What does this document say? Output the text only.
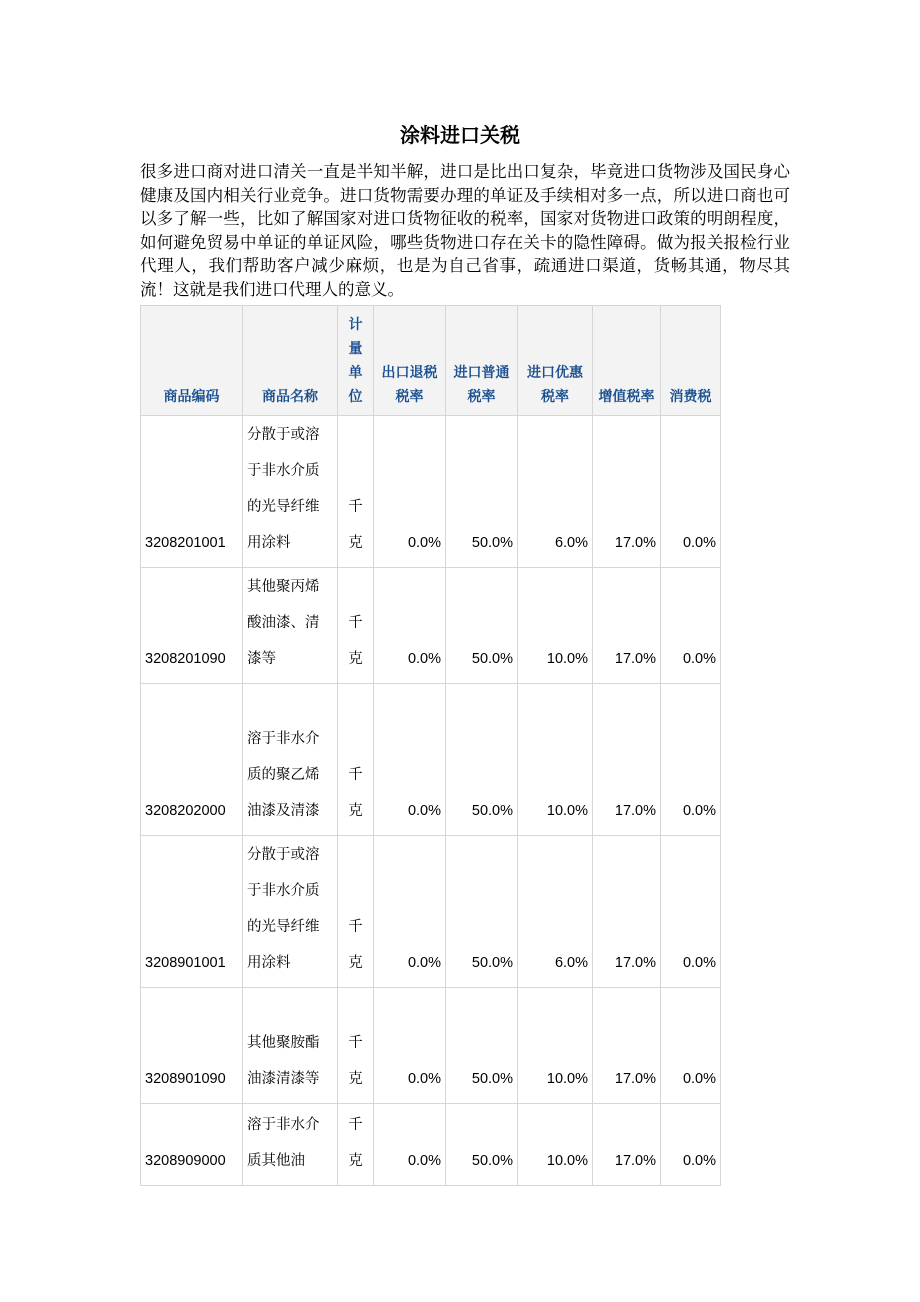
涂料进口关税

很多进口商对进口清关一直是半知半解，进口是比出口复杂，毕竟进口货物涉及国民身心健康及国内相关行业竞争。进口货物需要办理的单证及手续相对多一点，所以进口商也可以多了解一些，比如了解国家对进口货物征收的税率，国家对货物进口政策的明朗程度，如何避免贸易中单证的单证风险，哪些货物进口存在关卡的隐性障碍。做为报关报检行业代理人，我们帮助客户减少麻烦，也是为自己省事，疏通进口渠道，货畅其通，物尽其流！这就是我们进口代理人的意义。

商品编码	商品名称	计量单位	出口退税税率	进口普通税率	进口优惠税率	增值税率	消费税
3208201001	分散于或溶于非水介质的光导纤维用涂料	千克	0.0%	50.0%	6.0%	17.0%	0.0%
3208201090	其他聚丙烯酸油漆、清漆等	千克	0.0%	50.0%	10.0%	17.0%	0.0%
3208202000	溶于非水介质的聚乙烯油漆及清漆	千克	0.0%	50.0%	10.0%	17.0%	0.0%
3208901001	分散于或溶于非水介质的光导纤维用涂料	千克	0.0%	50.0%	6.0%	17.0%	0.0%
3208901090	其他聚胺酯油漆清漆等	千克	0.0%	50.0%	10.0%	17.0%	0.0%
3208909000	溶于非水介质其他油	千克	0.0%	50.0%	10.0%	17.0%	0.0%
